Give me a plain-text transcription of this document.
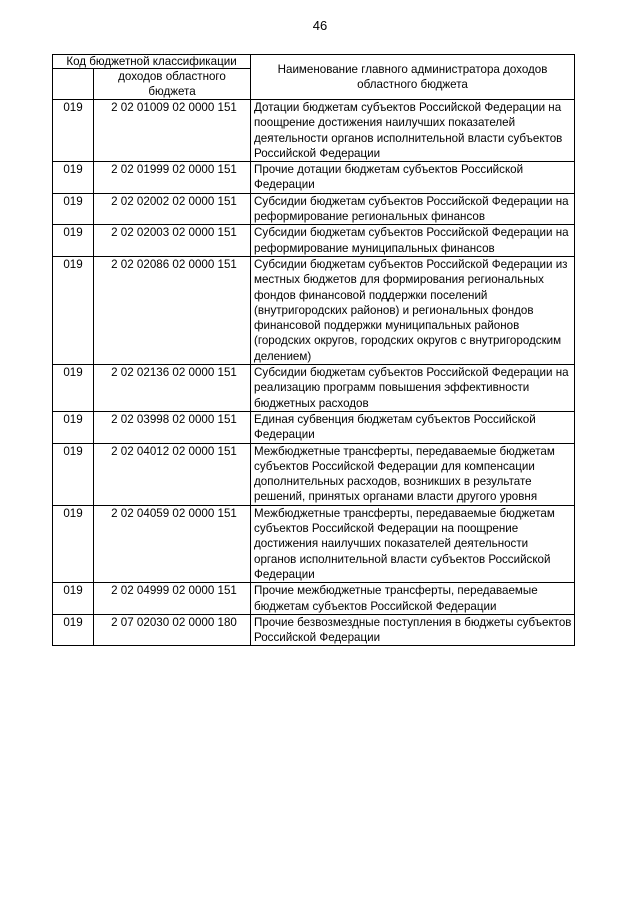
46
Код бюджетной классификации		Наименование главного администратора доходов областного бюджета
	доходов областного бюджета	
019	2 02 01009 02 0000 151	Дотации бюджетам субъектов Российской Федерации на поощрение достижения наилучших показателей деятельности органов исполнительной власти субъектов Российской Федерации
019	2 02 01999 02 0000 151	Прочие дотации бюджетам субъектов Российской Федерации
019	2 02 02002 02 0000 151	Субсидии бюджетам субъектов Российской Федерации на реформирование региональных финансов
019	2 02 02003 02 0000 151	Субсидии бюджетам субъектов Российской Федерации на реформирование муниципальных финансов
019	2 02 02086 02 0000 151	Субсидии бюджетам субъектов Российской Федерации из местных бюджетов для формирования региональных фондов финансовой поддержки поселений (внутригородских районов) и региональных фондов финансовой поддержки муниципальных районов (городских округов, городских округов с внутригородским делением)
019	2 02 02136 02 0000 151	Субсидии бюджетам субъектов Российской Федерации на реализацию программ повышения эффективности бюджетных расходов
019	2 02 03998 02 0000 151	Единая субвенция бюджетам субъектов Российской Федерации
019	2 02 04012 02 0000 151	Межбюджетные трансферты, передаваемые бюджетам субъектов Российской Федерации для компенсации дополнительных расходов, возникших в результате решений, принятых органами власти другого уровня
019	2 02 04059 02 0000 151	Межбюджетные трансферты, передаваемые бюджетам субъектов Российской Федерации на поощрение достижения наилучших показателей деятельности органов исполнительной власти субъектов Российской Федерации
019	2 02 04999 02 0000 151	Прочие межбюджетные трансферты, передаваемые бюджетам субъектов Российской Федерации
019	2 07 02030 02 0000 180	Прочие безвозмездные поступления в бюджеты субъектов Российской Федерации
